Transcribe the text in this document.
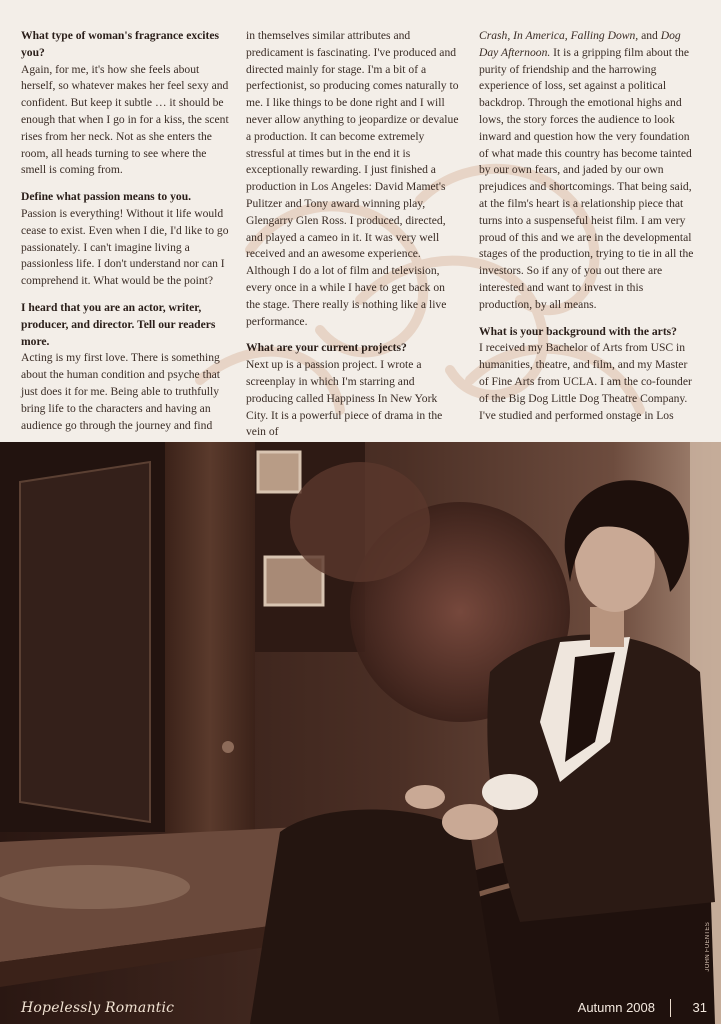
What type of woman's fragrance excites you?
Again, for me, it's how she feels about herself, so whatever makes her feel sexy and confident. But keep it subtle … it should be enough that when I go in for a kiss, the scent rises from her neck. Not as she enters the room, all heads turning to see where the smell is coming from.
Define what passion means to you.
Passion is everything! Without it life would cease to exist. Even when I die, I'd like to go passionately. I can't imagine living a passionless life. I don't understand nor can I comprehend it. What would be the point?
I heard that you are an actor, writer, producer, and director. Tell our readers more.
Acting is my first love. There is something about the human condition and psyche that just does it for me. Being able to truthfully bring life to the characters and having an audience go through the journey and find
in themselves similar attributes and predicament is fascinating. I've produced and directed mainly for stage. I'm a bit of a perfectionist, so producing comes naturally to me. I like things to be done right and I will never allow anything to jeopardize or devalue a production. It can become extremely stressful at times but in the end it is exceptionally rewarding. I just finished a production in Los Angeles: David Mamet's Pulitzer and Tony award winning play, Glengarry Glen Ross. I produced, directed, and played a cameo in it. It was very well received and an awesome experience. Although I do a lot of film and television, every once in a while I have to get back on the stage. There really is nothing like a live performance.
What are your current projects?
Next up is a passion project. I wrote a screenplay in which I'm starring and producing called Happiness In New York City. It is a powerful piece of drama in the vein of
Crash, In America, Falling Down, and Dog Day Afternoon. It is a gripping film about the purity of friendship and the harrowing experience of loss, set against a political backdrop. Through the emotional highs and lows, the story forces the audience to look inward and question how the very foundation of what made this country has become tainted by our own fears, and jaded by our own prejudices and shortcomings. That being said, at the film's heart is a relationship piece that turns into a suspenseful heist film. I am very proud of this and we are in the developmental stages of the production, trying to tie in all the investors. So if any of you out there are interested and want to invest in this production, by all means.
What is your background with the arts?
I received my Bachelor of Arts from USC in humanities, theatre, and film, and my Master of Fine Arts from UCLA. I am the co-founder of the Big Dog Little Dog Theatre Company. I've studied and performed onstage in Los
Hopelessly Romantic	Autumn 2008	31
JOHN FUENTES
